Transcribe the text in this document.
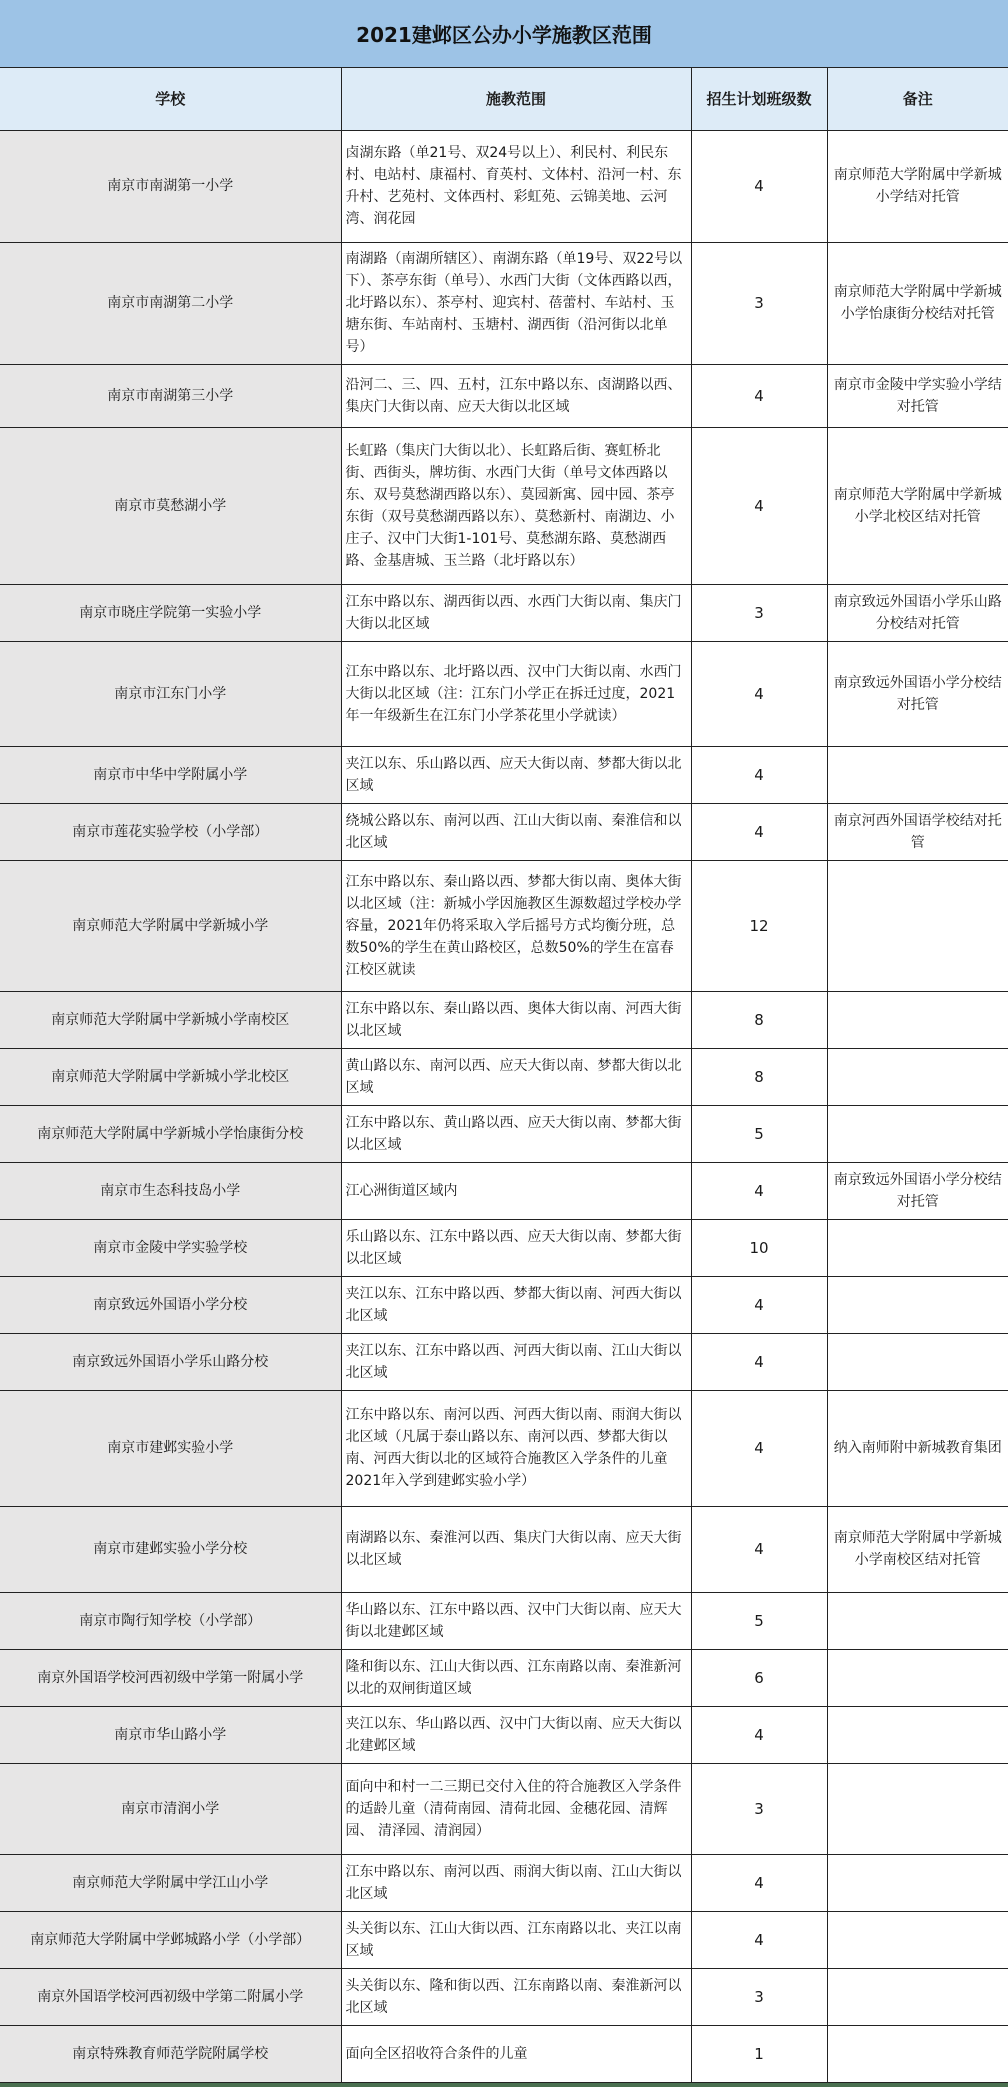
2021建邺区公办小学施教区范围
学校	施教范围	招生计划班级数	备注
南京市南湖第一小学	卤湖东路（单21号、双24号以上）、利民村、利民东村、电站村、康福村、育英村、文体村、沿河一村、东升村、艺苑村、文体西村、彩虹苑、云锦美地、云河湾、润花园	4	南京师范大学附属中学新城小学结对托管
南京市南湖第二小学	南湖路（南湖所辖区）、南湖东路（单19号、双22号以下）、茶亭东街（单号）、水西门大街（文体西路以西，北圩路以东）、茶亭村、迎宾村、蓓蕾村、车站村、玉塘东街、车站南村、玉塘村、湖西街（沿河街以北单号）	3	南京师范大学附属中学新城小学怡康街分校结对托管
南京市南湖第三小学	沿河二、三、四、五村，江东中路以东、卤湖路以西、集庆门大街以南、应天大街以北区域	4	南京市金陵中学实验小学结对托管
南京市莫愁湖小学	长虹路（集庆门大街以北）、长虹路后街、赛虹桥北街、西街头，牌坊街、水西门大街（单号文体西路以东、双号莫愁湖西路以东）、莫园新寓、园中园、茶亭东街（双号莫愁湖西路以东）、莫愁新村、南湖边、小庄子、汉中门大街1-101号、莫愁湖东路、莫愁湖西路、金基唐城、玉兰路（北圩路以东）	4	南京师范大学附属中学新城小学北校区结对托管
南京市晓庄学院第一实验小学	江东中路以东、湖西街以西、水西门大街以南、集庆门大街以北区域	3	南京致远外国语小学乐山路分校结对托管
南京市江东门小学	江东中路以东、北圩路以西、汉中门大街以南、水西门大街以北区域（注：江东门小学正在拆迁过度，2021年一年级新生在江东门小学茶花里小学就读）	4	南京致远外国语小学分校结对托管
南京市中华中学附属小学	夹江以东、乐山路以西、应天大街以南、梦都大街以北区域	4	
南京市莲花实验学校（小学部）	绕城公路以东、南河以西、江山大街以南、秦淮信和以北区域	4	南京河西外国语学校结对托管
南京师范大学附属中学新城小学	江东中路以东、秦山路以西、梦都大街以南、奥体大街以北区域（注：新城小学因施教区生源数超过学校办学容量，2021年仍将采取入学后摇号方式均衡分班，总数50%的学生在黄山路校区，总数50%的学生在富春江校区就读	12	
南京师范大学附属中学新城小学南校区	江东中路以东、秦山路以西、奥体大街以南、河西大街以北区域	8	
南京师范大学附属中学新城小学北校区	黄山路以东、南河以西、应天大街以南、梦都大街以北区域	8	
南京师范大学附属中学新城小学怡康街分校	江东中路以东、黄山路以西、应天大街以南、梦都大街以北区域	5	
南京市生态科技岛小学	江心洲街道区域内	4	南京致远外国语小学分校结对托管
南京市金陵中学实验学校	乐山路以东、江东中路以西、应天大街以南、梦都大街以北区域	10	
南京致远外国语小学分校	夹江以东、江东中路以西、梦都大街以南、河西大街以北区域	4	
南京致远外国语小学乐山路分校	夹江以东、江东中路以西、河西大街以南、江山大街以北区域	4	
南京市建邺实验小学	江东中路以东、南河以西、河西大街以南、雨润大街以北区域（凡属于泰山路以东、南河以西、梦都大街以南、河西大街以北的区域符合施教区入学条件的儿童2021年入学到建邺实验小学）	4	纳入南师附中新城教育集团
南京市建邺实验小学分校	南湖路以东、秦淮河以西、集庆门大街以南、应天大街以北区域	4	南京师范大学附属中学新城小学南校区结对托管
南京市陶行知学校（小学部）	华山路以东、江东中路以西、汉中门大街以南、应天大街以北建邺区域	5	
南京外国语学校河西初级中学第一附属小学	隆和街以东、江山大街以西、江东南路以南、秦淮新河以北的双闸街道区域	6	
南京市华山路小学	夹江以东、华山路以西、汉中门大街以南、应天大街以北建邺区域	4	
南京市清润小学	面向中和村一二三期已交付入住的符合施教区入学条件的适龄儿童（清荷南园、清荷北园、金穗花园、清辉园、 清泽园、清润园）	3	
南京师范大学附属中学江山小学	江东中路以东、南河以西、雨润大街以南、江山大街以北区域	4	
南京师范大学附属中学邺城路小学（小学部）	头关街以东、江山大街以西、江东南路以北、夹江以南区域	4	
南京外国语学校河西初级中学第二附属小学	头关街以东、隆和街以西、江东南路以南、秦淮新河以北区域	3	
南京特殊教育师范学院附属学校	面向全区招收符合条件的儿童	1	
